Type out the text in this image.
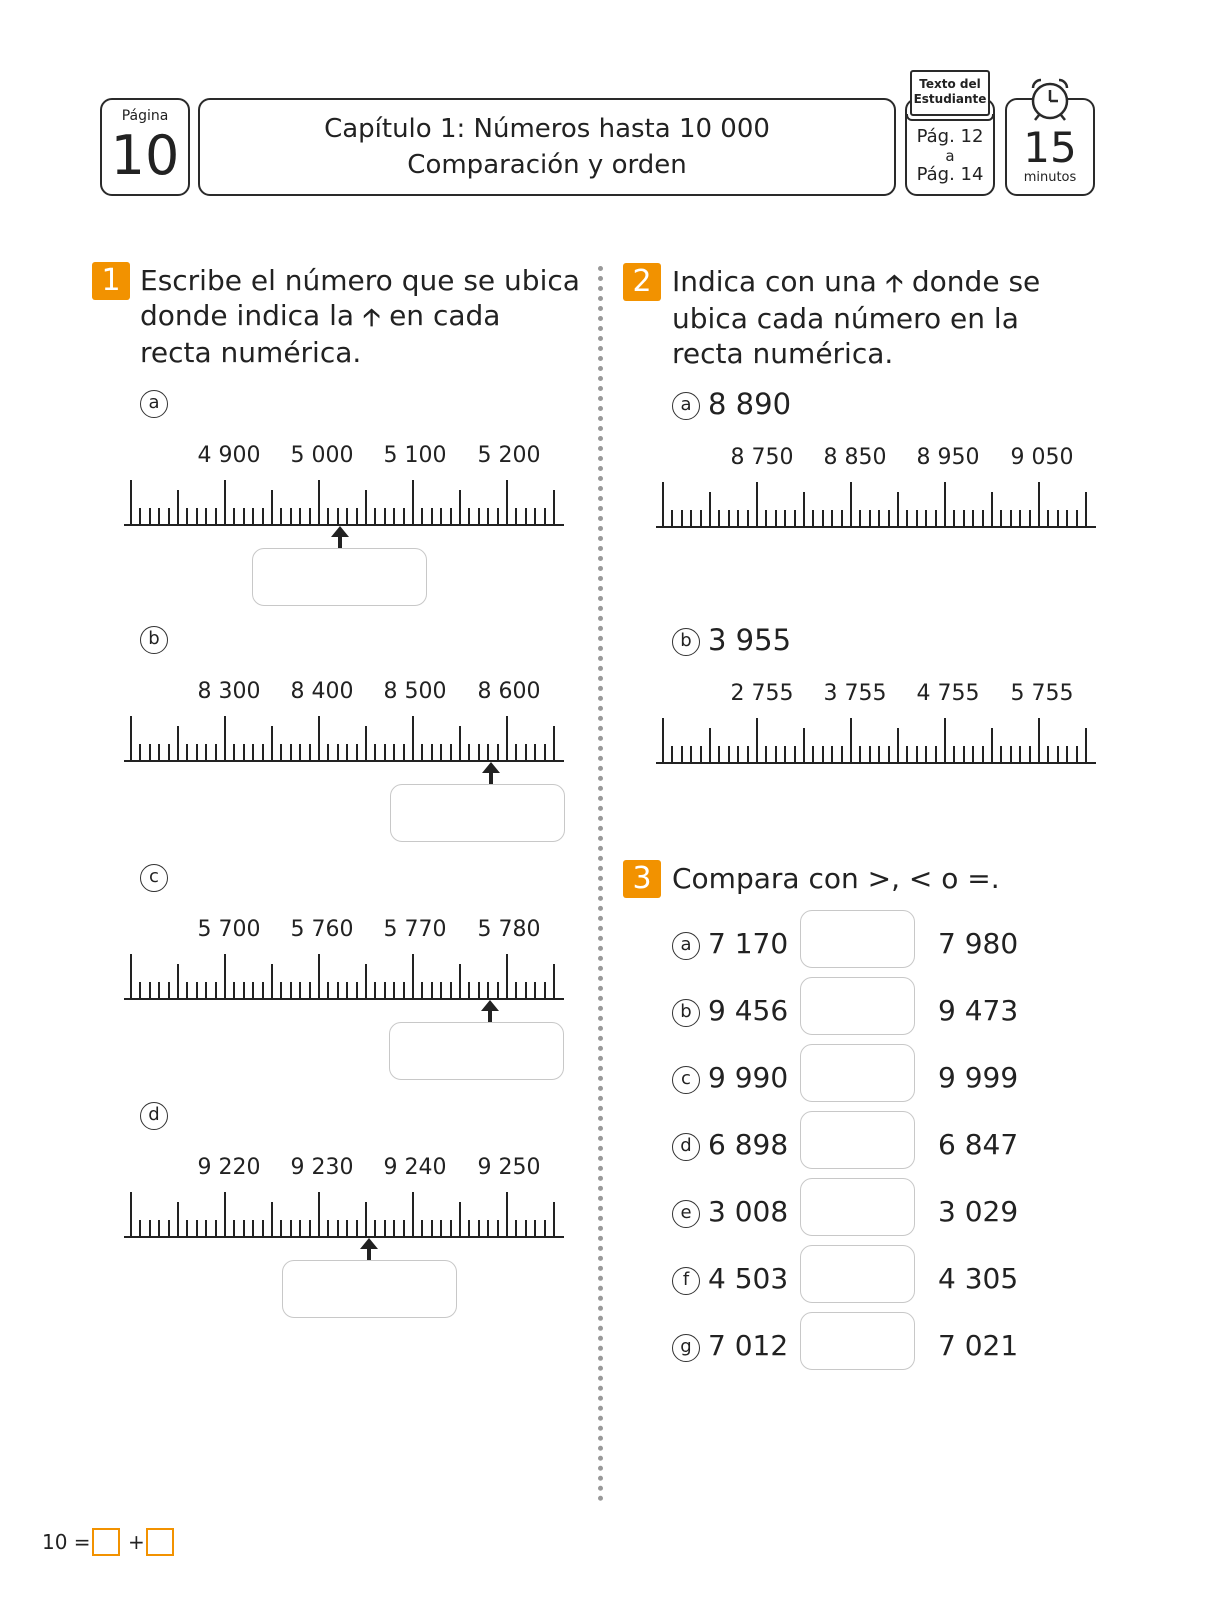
Página
10	Capítulo 1: Números hasta 10 000
Comparación y orden
Pág. 12
a
Pág. 14
Texto del
Estudiante
15
minutos
1 Escribe el número que se ubica
donde indica la 🡡 en cada
recta numérica.
a
4 900	5 000	5 100	5 200
b
8 300	8 400	8 500	8 600
c
5 700	5 760	5 770	5 780
d
9 220	9 230	9 240	9 250
2 Indica con una 🡡 donde se
ubica cada número en la
recta numérica.
a 8 890
8 750	8 850	8 950	9 050
b 3 955
2 755	3 755	4 755	5 755
3 Compara con >, < o =.
a 7 170	7 980
b 9 456	9 473
c 9 990	9 999
d 6 898	6 847
e 3 008	3 029
f 4 503	4 305
g 7 012	7 021
10 = +
